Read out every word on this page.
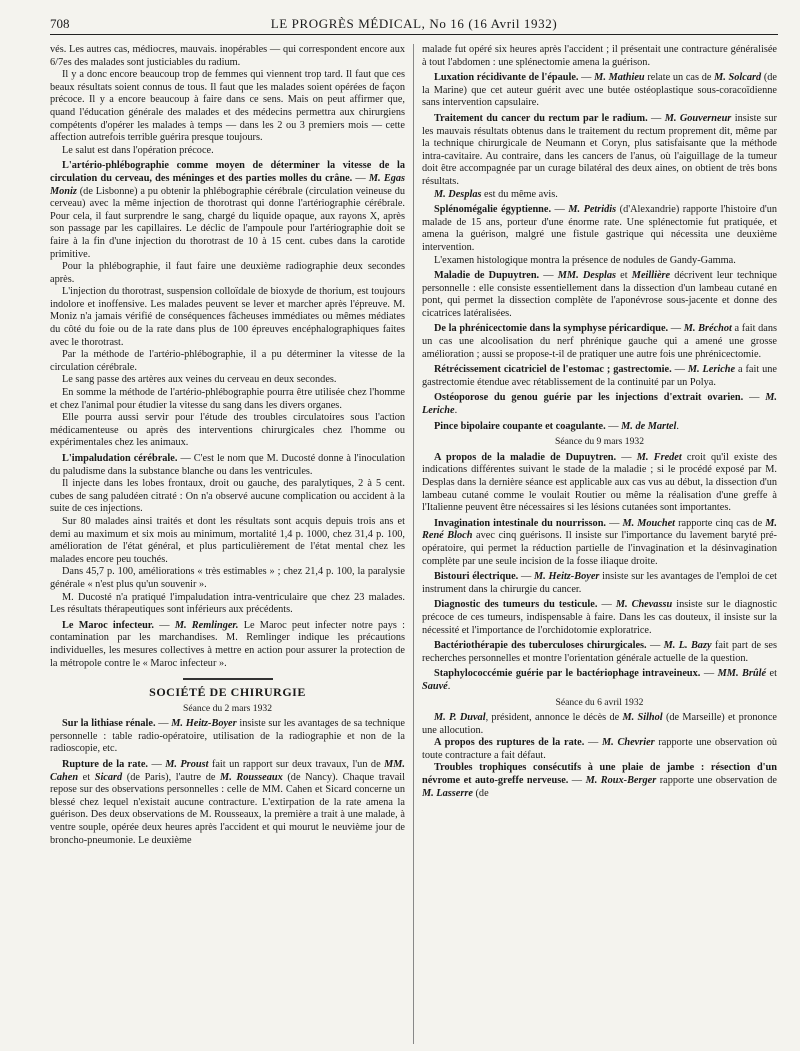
708	LE PROGRÈS MÉDICAL, No 16 (16 Avril 1932)

vés. Les autres cas, médiocres, mauvais. inopérables — qui correspondent encore aux 6/7es des malades sont justiciables du radium.

Il y a donc encore beaucoup trop de femmes qui viennent trop tard. Il faut que ces beaux résultats soient connus de tous. Il faut que les malades soient opérées de façon précoce. Il y a encore beaucoup à faire dans ce sens. Mais on peut affirmer que, quand l'éducation générale des malades et des médecins permettra aux chirurgiens compétents d'opérer les malades à temps — dans les 2 ou 3 premiers mois — cette affection autrefois terrible guérira presque toujours.

Le salut est dans l'opération précoce.

L'artério-phlébographie comme moyen de déterminer la vitesse de la circulation du cerveau, des méninges et des parties molles du crâne. — M. Egas Moniz (de Lisbonne) a pu obtenir la phlébographie cérébrale (circulation veineuse du cerveau) avec la même injection de thorotrast qui donne l'artériographie cérébrale. Pour cela, il faut surprendre le sang, chargé du liquide opaque, aux rayons X, après son passage par les capillaires. Le déclic de l'ampoule pour l'artériographie doit se faire à la fin d'une injection du thorotrast de 10 à 15 cent. cubes dans la carotide primitive.

Pour la phlébographie, il faut faire une deuxième radiographie deux secondes après.

L'injection du thorotrast, suspension colloïdale de bioxyde de thorium, est toujours indolore et inoffensive. Les malades peuvent se lever et marcher après l'épreuve. M. Moniz n'a jamais vérifié de conséquences fâcheuses immédiates ou mêmes médiates du côté du foie ou de la rate dans plus de 100 épreuves encéphalographiques faites avec le thorotrast.

Par la méthode de l'artério-phlébographie, il a pu déterminer la vitesse de la circulation cérébrale.

Le sang passe des artères aux veines du cerveau en deux secondes.

En somme la méthode de l'artério-phlébographie pourra être utilisée chez l'homme et chez l'animal pour étudier la vitesse du sang dans les divers organes.

Elle pourra aussi servir pour l'étude des troubles circulatoires sous l'action médicamenteuse ou après des interventions chirurgicales chez l'homme ou expérimentales chez les animaux.

L'impaludation cérébrale. — C'est le nom que M. Ducosté donne à l'inoculation du paludisme dans la substance blanche ou dans les ventricules.

Il injecte dans les lobes frontaux, droit ou gauche, des paralytiques, 2 à 5 cent. cubes de sang paludéen citraté : On n'a observé aucune complication ou accident à la suite de ces injections.

Sur 80 malades ainsi traités et dont les résultats sont acquis depuis trois ans et demi au maximum et six mois au minimum, mortalité 1,4 p. 1000, chez 31,4 p. 100, amélioration de l'état général, et plus particulièrement de l'état mental chez les malades encore peu touchés.

Dans 45,7 p. 100, améliorations « très estimables » ; chez 21,4 p. 100, la paralysie générale « n'est plus qu'un souvenir ».

M. Ducosté n'a pratiqué l'impaludation intra-ventriculaire que chez 23 malades. Les résultats thérapeutiques sont inférieurs aux précédents.

Le Maroc infecteur. — M. Remlinger. Le Maroc peut infecter notre pays : contamination par les marchandises. M. Remlinger indique les précautions individuelles, les mesures collectives à mettre en action pour assurer la protection de la métropole contre le « Maroc infecteur ».

SOCIÉTÉ DE CHIRURGIE
Séance du 2 mars 1932

Sur la lithiase rénale. — M. Heitz-Boyer insiste sur les avantages de sa technique personnelle : table radio-opératoire, utilisation de la radiographie et non de la radioscopie, etc.

Rupture de la rate. — M. Proust fait un rapport sur deux travaux, l'un de MM. Cahen et Sicard (de Paris), l'autre de M. Rousseaux (de Nancy). Chaque travail repose sur des observations personnelles : celle de MM. Cahen et Sicard concerne un blessé chez lequel n'existait aucune contracture. L'extirpation de la rate amena la guérison. Des deux observations de M. Rousseaux, la première a trait à une malade, à ventre souple, opérée deux heures après l'accident et qui mourut le neuvième jour de broncho-pneumonie. Le deuxième

malade fut opéré six heures après l'accident ; il présentait une contracture généralisée à tout l'abdomen : une splénectomie amena la guérison.

Luxation récidivante de l'épaule. — M. Mathieu relate un cas de M. Solcard (de la Marine) que cet auteur guérit avec une butée ostéoplastique sous-coracoïdienne sans intervention capsulaire.

Traitement du cancer du rectum par le radium. — M. Gouverneur insiste sur les mauvais résultats obtenus dans le traitement du rectum proprement dit, même par la technique chirurgicale de Neumann et Coryn, plus satisfaisante que la méthode intra-cavitaire. Au contraire, dans les cancers de l'anus, où l'aiguillage de la tumeur doit être accompagnée par un curage bilatéral des deux aines, on obtient de très bons résultats.

M. Desplas est du même avis.

Splénomégalie égyptienne. — M. Petridis (d'Alexandrie) rapporte l'histoire d'un malade de 15 ans, porteur d'une énorme rate. Une splénectomie fut pratiquée, et amena la guérison, malgré une fistule gastrique qui nécessita une deuxième intervention.

L'examen histologique montra la présence de nodules de Gandy-Gamma.

Maladie de Dupuytren. — MM. Desplas et Meillière décrivent leur technique personnelle : elle consiste essentiellement dans la dissection d'un lambeau cutané en pont, qui permet la dissection complète de l'aponévrose sous-jacente et donne des cicatrices latéralisées.

De la phrénicectomie dans la symphyse péricardique. — M. Bréchot a fait dans un cas une alcoolisation du nerf phrénique gauche qui a amené une grosse amélioration ; aussi se propose-t-il de pratiquer une autre fois une phrénicectomie.

Rétrécissement cicatriciel de l'estomac ; gastrectomie. — M. Leriche a fait une gastrectomie étendue avec rétablissement de la continuité par un Polya.

Ostéoporose du genou guérie par les injections d'extrait ovarien. — M. Leriche.

Pince bipolaire coupante et coagulante. — M. de Martel.

Séance du 9 mars 1932

A propos de la maladie de Dupuytren. — M. Fredet croit qu'il existe des indications différentes suivant le stade de la maladie ; si le procédé exposé par M. Desplas dans la dernière séance est applicable aux cas vus au début, la dissection d'un lambeau cutané comme le voulait Routier ou même la réalisation d'une greffe à l'Italienne peuvent être nécessaires si les lésions cutanées sont importantes.

Invagination intestinale du nourrisson. — M. Mouchet rapporte cinq cas de M. René Bloch avec cinq guérisons. Il insiste sur l'importance du lavement baryté pré-opératoire, qui permet la réduction partielle de l'invagination et la désinvagination complète par une seule incision de la fosse iliaque droite.

Bistouri électrique. — M. Heitz-Boyer insiste sur les avantages de l'emploi de cet instrument dans la chirurgie du cancer.

Diagnostic des tumeurs du testicule. — M. Chevassu insiste sur le diagnostic précoce de ces tumeurs, indispensable à faire. Dans les cas douteux, il insiste sur la nécessité et l'importance de l'orchidotomie exploratrice.

Bactériothérapie des tuberculoses chirurgicales. — M. L. Bazy fait part de ses recherches personnelles et montre l'orientation générale actuelle de la question.

Staphylococcémie guérie par le bactériophage intraveineux. — MM. Brûlé et Sauvé.

Séance du 6 avril 1932

M. P. Duval, président, annonce le décès de M. Silhol (de Marseille) et prononce une allocution.

A propos des ruptures de la rate. — M. Chevrier rapporte une observation où toute contracture a fait défaut.

Troubles trophiques consécutifs à une plaie de jambe : résection d'un névrome et auto-greffe nerveuse. — M. Roux-Berger rapporte une observation de M. Lasserre (de
